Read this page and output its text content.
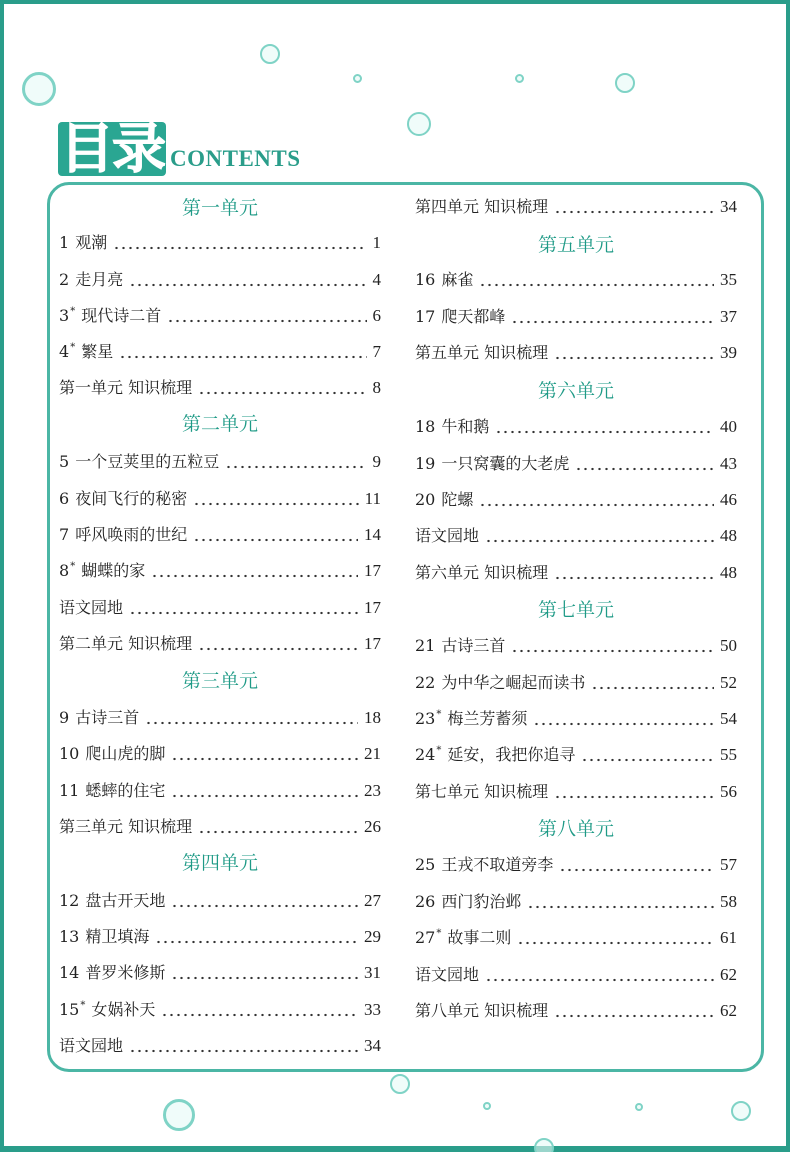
目录 CONTENTS
第一单元
1 观潮	1
2 走月亮	4
3* 现代诗二首	6
4* 繁星	7
第一单元 知识梳理	8
第二单元
5 一个豆荚里的五粒豆	9
6 夜间飞行的秘密	11
7 呼风唤雨的世纪	14
8* 蝴蝶的家	17
语文园地	17
第二单元 知识梳理	17
第三单元
9 古诗三首	18
10 爬山虎的脚	21
11 蟋蟀的住宅	23
第三单元 知识梳理	26
第四单元
12 盘古开天地	27
13 精卫填海	29
14 普罗米修斯	31
15* 女娲补天	33
语文园地	34
第四单元 知识梳理	34
第五单元
16 麻雀	35
17 爬天都峰	37
第五单元 知识梳理	39
第六单元
18 牛和鹅	40
19 一只窝囊的大老虎	43
20 陀螺	46
语文园地	48
第六单元 知识梳理	48
第七单元
21 古诗三首	50
22 为中华之崛起而读书	52
23* 梅兰芳蓄须	54
24* 延安，我把你追寻	55
第七单元 知识梳理	56
第八单元
25 王戎不取道旁李	57
26 西门豹治邺	58
27* 故事二则	61
语文园地	62
第八单元 知识梳理	62
